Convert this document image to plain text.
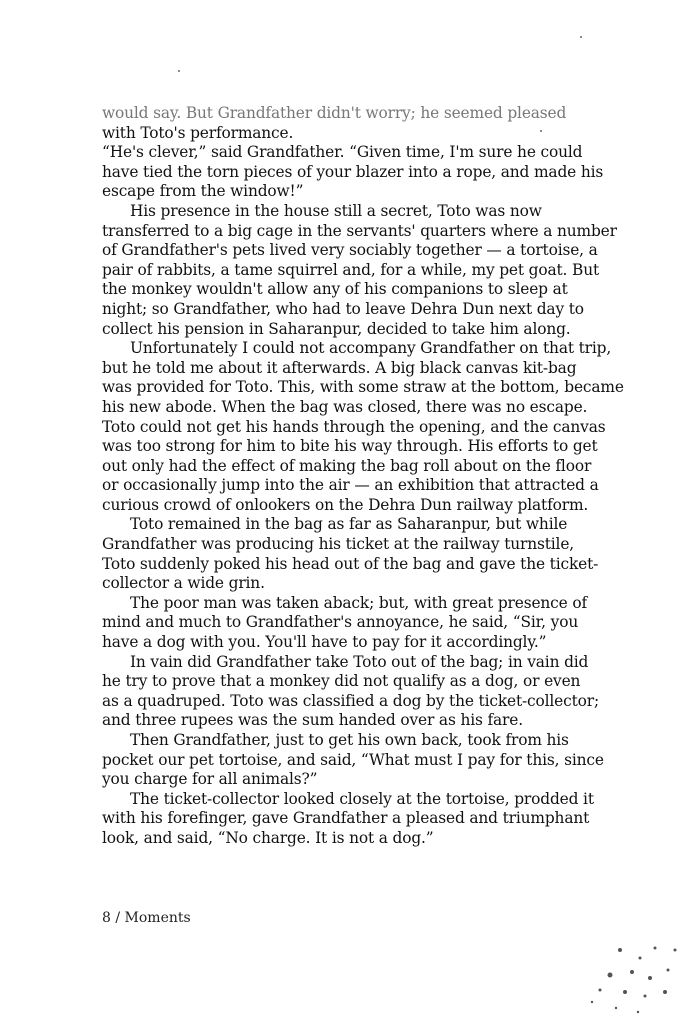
would say. But Grandfather didn't worry; he seemed pleased
with Toto's performance.
“He's clever,” said Grandfather. “Given time, I'm sure he could
have tied the torn pieces of your blazer into a rope, and made his
escape from the window!”
His presence in the house still a secret, Toto was now
transferred to a big cage in the servants' quarters where a number
of Grandfather's pets lived very sociably together — a tortoise, a
pair of rabbits, a tame squirrel and, for a while, my pet goat. But
the monkey wouldn't allow any of his companions to sleep at
night; so Grandfather, who had to leave Dehra Dun next day to
collect his pension in Saharanpur, decided to take him along.
Unfortunately I could not accompany Grandfather on that trip,
but he told me about it afterwards. A big black canvas kit-bag
was provided for Toto. This, with some straw at the bottom, became
his new abode. When the bag was closed, there was no escape.
Toto could not get his hands through the opening, and the canvas
was too strong for him to bite his way through. His efforts to get
out only had the effect of making the bag roll about on the floor
or occasionally jump into the air — an exhibition that attracted a
curious crowd of onlookers on the Dehra Dun railway platform.
Toto remained in the bag as far as Saharanpur, but while
Grandfather was producing his ticket at the railway turnstile,
Toto suddenly poked his head out of the bag and gave the ticket-
collector a wide grin.
The poor man was taken aback; but, with great presence of
mind and much to Grandfather's annoyance, he said, “Sir, you
have a dog with you. You'll have to pay for it accordingly.”
In vain did Grandfather take Toto out of the bag; in vain did
he try to prove that a monkey did not qualify as a dog, or even
as a quadruped. Toto was classified a dog by the ticket-collector;
and three rupees was the sum handed over as his fare.
Then Grandfather, just to get his own back, took from his
pocket our pet tortoise, and said, “What must I pay for this, since
you charge for all animals?”
The ticket-collector looked closely at the tortoise, prodded it
with his forefinger, gave Grandfather a pleased and triumphant
look, and said, “No charge. It is not a dog.”
8 / Moments
